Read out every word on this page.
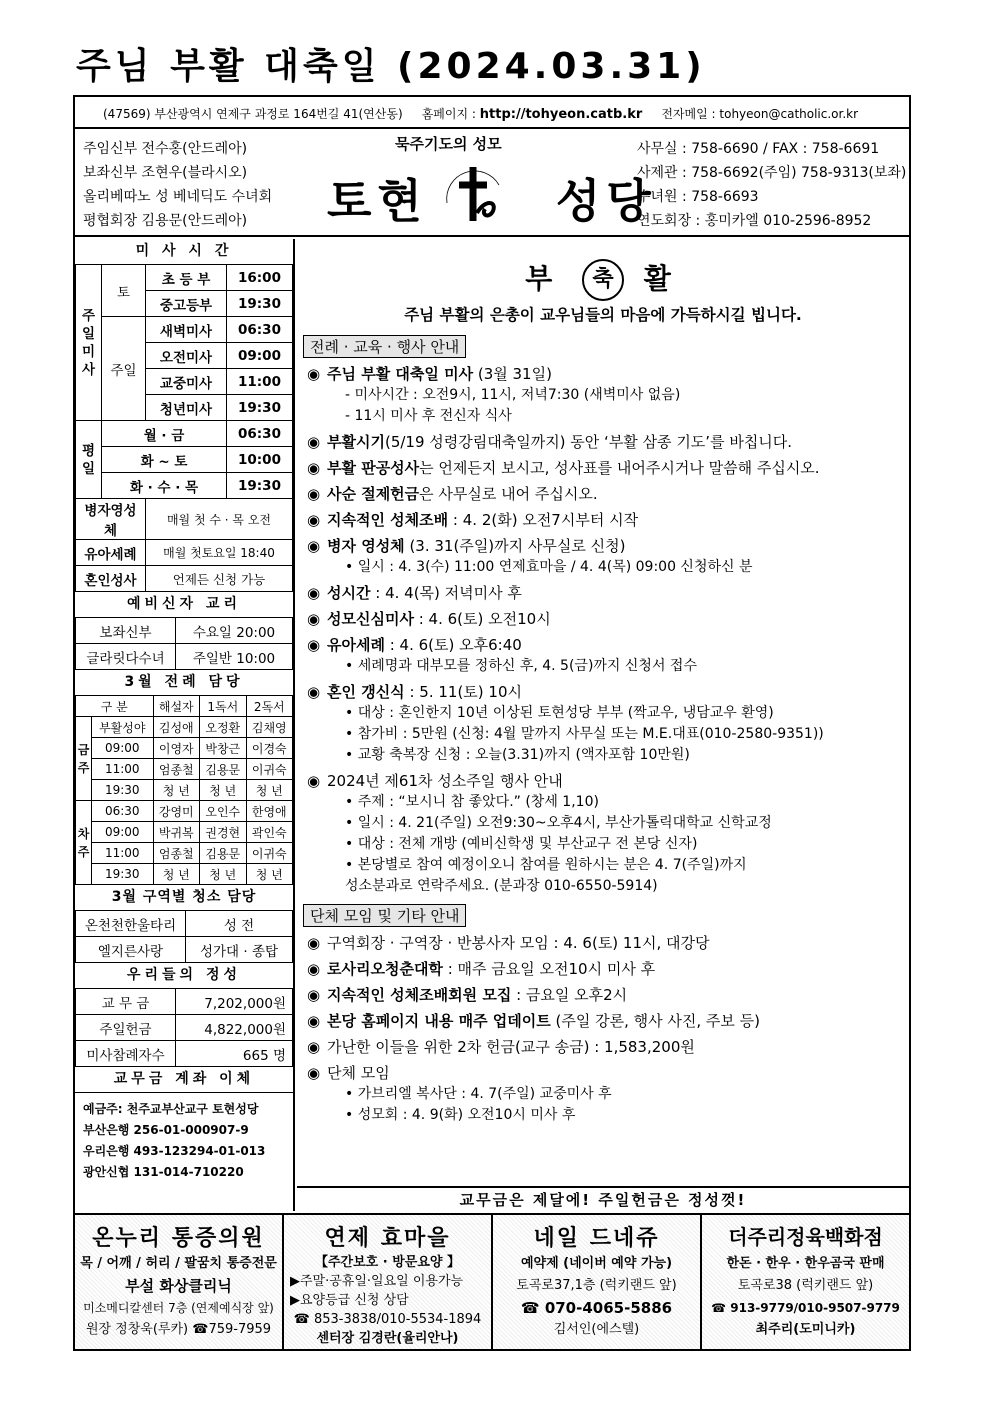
주님 부활 대축일 (2024.03.31)
(47569) 부산광역시 연제구 과정로 164번길 41(연산동) 홈페이지 : http://tohyeon.catb.kr 전자메일 : tohyeon@catholic.or.kr
주임신부 전수홍(안드레아)
보좌신부 조현우(블라시오)
올리베따노 성 베네딕도 수녀회
평협회장 김용문(안드레아)
묵주기도의 성모
토현	성당
사무실 : 758-6690 / FAX : 758-6691
사제관 : 758-6692(주임) 758-9313(보좌)
수녀원 : 758-6693
연도회장 : 홍미카엘 010-2596-8952
미 사 시 간
주일미사	토	초 등 부	16:00
		중고등부	19:30
	주일	새벽미사	06:30
		오전미사	09:00
		교중미사	11:00
		청년미사	19:30
평일	월 · 금		06:30
	화 ~ 토		10:00
	화 · 수 · 목		19:30
병자영성체		매월 첫 수 · 목 오전	
유아세례		매월 첫토요일 18:40	
혼인성사		언제든 신청 가능	
예비신자 교리
보좌신부	수요일 20:00
글라릿다수녀	주일반 10:00
3월 전례 담당
구 분		해설자	1독서	2독서
금주	부활성야	김성애	오정환	김채영
	09:00	이영자	박창근	이경숙
	11:00	엄종철	김용문	이귀숙
	19:30	청 년	청 년	청 년
차주	06:30	강영미	오인수	한영애
	09:00	박귀복	권경현	곽인숙
	11:00	엄종철	김용문	이귀숙
	19:30	청 년	청 년	청 년
3월 구역별 청소 담당
온천천한울타리	성 전
엘지른사랑	성가대 · 종탑
우리들의 정성
교 무 금	7,202,000원
주일헌금	4,822,000원
미사참례자수	665 명
교무금 계좌 이체
예금주: 천주교부산교구 토현성당
부산은행 256-01-000907-9
우리은행 493-123294-01-013
광안신협 131-014-710220
부 축 활
주님 부활의 은총이 교우님들의 마음에 가득하시길 빕니다.
전례 · 교육 · 행사 안내
◉ 주님 부활 대축일 미사 (3월 31일)
- 미사시간 : 오전9시, 11시, 저녁7:30 (새벽미사 없음)
- 11시 미사 후 전신자 식사
◉ 부활시기(5/19 성령강림대축일까지) 동안 ‘부활 삼종 기도’를 바칩니다.
◉ 부활 판공성사는 언제든지 보시고, 성사표를 내어주시거나 말씀해 주십시오.
◉ 사순 절제헌금은 사무실로 내어 주십시오.
◉ 지속적인 성체조배 : 4. 2(화) 오전7시부터 시작
◉ 병자 영성체 (3. 31(주일)까지 사무실로 신청)
• 일시 : 4. 3(수) 11:00 연제효마을 / 4. 4(목) 09:00 신청하신 분
◉ 성시간 : 4. 4(목) 저녁미사 후
◉ 성모신심미사 : 4. 6(토) 오전10시
◉ 유아세례 : 4. 6(토) 오후6:40
• 세례명과 대부모를 정하신 후, 4. 5(금)까지 신청서 접수
◉ 혼인 갱신식 : 5. 11(토) 10시
• 대상 : 혼인한지 10년 이상된 토현성당 부부 (짝교우, 냉담교우 환영)
• 참가비 : 5만원 (신청: 4월 말까지 사무실 또는 M.E.대표(010-2580-9351))
• 교황 축복장 신청 : 오늘(3.31)까지 (액자포함 10만원)
◉ 2024년 제61차 성소주일 행사 안내
• 주제 : “보시니 참 좋았다.” (창세 1,10)
• 일시 : 4. 21(주일) 오전9:30~오후4시, 부산가톨릭대학교 신학교정
• 대상 : 전체 개방 (예비신학생 및 부산교구 전 본당 신자)
• 본당별로 참여 예정이오니 참여를 원하시는 분은 4. 7(주일)까지
성소분과로 연락주세요. (분과장 010-6550-5914)
단체 모임 및 기타 안내
◉ 구역회장 · 구역장 · 반봉사자 모임 : 4. 6(토) 11시, 대강당
◉ 로사리오청춘대학 : 매주 금요일 오전10시 미사 후
◉ 지속적인 성체조배회원 모집 : 금요일 오후2시
◉ 본당 홈페이지 내용 매주 업데이트 (주일 강론, 행사 사진, 주보 등)
◉ 가난한 이들을 위한 2차 헌금(교구 송금) : 1,583,200원
◉ 단체 모임
• 가브리엘 복사단 : 4. 7(주일) 교중미사 후
• 성모회 : 4. 9(화) 오전10시 미사 후
교무금은 제달에! 주일헌금은 정성껏!
온누리 통증의원
목 / 어깨 / 허리 / 팔꿈치 통증전문
부설 화상클리닉
미소메디칼센터 7층 (연제예식장 앞)
원장 정창욱(루카) ☎759-7959
연제 효마을
【주간보호 · 방문요양 】
▶주말·공휴일·일요일 이용가능
▶요양등급 신청 상담
☎ 853-3838/010-5534-1894
센터장 김경란(율리안나)
네일 드네쥬
예약제 (네이버 예약 가능)
토곡로37,1층 (럭키랜드 앞)
☎ 070-4065-5886
김서인(에스텔)
더주리정육백화점
한돈 · 한우 · 한우곰국 판매
토곡로38 (럭키랜드 앞)
☎ 913-9779/010-9507-9779
최주리(도미니카)
